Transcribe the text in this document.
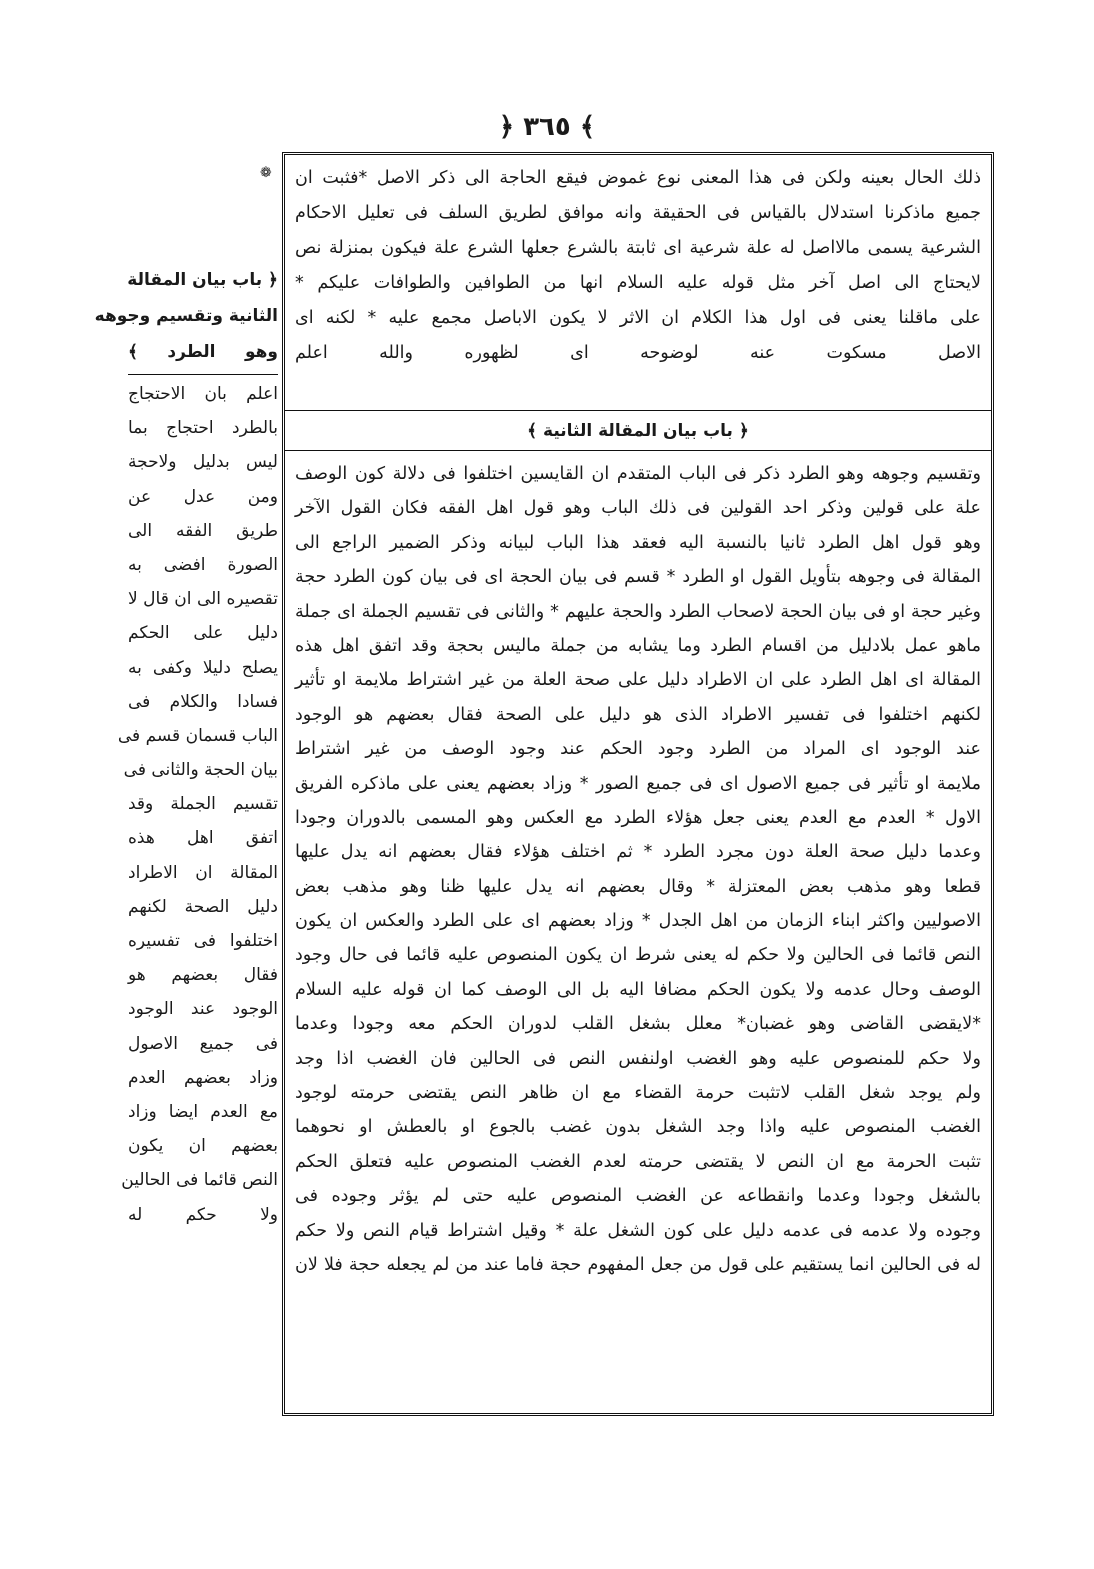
﴿ ٣٦٥ ﴾
❁ ذلك الحال بعينه ولكن فى هذا المعنى نوع غموض فيقع الحاجة الى ذكر الاصل *فثبت ان
جميع ماذكرنا استدلال بالقياس فى الحقيقة وانه موافق لطريق السلف فى تعليل الاحكام
الشرعية يسمى مالااصل له علة شرعية اى ثابتة بالشرع جعلها الشرع علة فيكون بمنزلة نص
لايحتاج الى اصل آخر مثل قوله عليه السلام انها من الطوافين والطوافات عليكم *
على ماقلنا يعنى فى اول هذا الكلام ان الاثر لا يكون الاباصل مجمع عليه * لكنه اى
الاصل مسكوت عنه لوضوحه اى لظهوره والله اعلم
﴿ باب بيان المقالة الثانية ﴾
وتقسيم وجوهه وهو الطرد ذكر فى الباب المتقدم ان القايسين اختلفوا فى دلالة كون الوصف
علة على قولين وذكر احد القولين فى ذلك الباب وهو قول اهل الفقه فكان القول الآخر
وهو قول اهل الطرد ثانيا بالنسبة اليه فعقد هذا الباب لبيانه وذكر الضمير الراجع الى
المقالة فى وجوهه بتأويل القول او الطرد * قسم فى بيان الحجة اى فى بيان كون الطرد حجة
وغير حجة او فى بيان الحجة لاصحاب الطرد والحجة عليهم * والثانى فى تقسيم الجملة اى جملة
ماهو عمل بلادليل من اقسام الطرد وما يشابه من جملة ماليس بحجة وقد اتفق اهل هذه
المقالة اى اهل الطرد على ان الاطراد دليل على صحة العلة من غير اشتراط ملايمة او تأثير
لكنهم اختلفوا فى تفسير الاطراد الذى هو دليل على الصحة فقال بعضهم هو الوجود
عند الوجود اى المراد من الطرد وجود الحكم عند وجود الوصف من غير اشتراط
ملايمة او تأثير فى جميع الاصول اى فى جميع الصور * وزاد بعضهم يعنى على ماذكره الفريق
الاول * العدم مع العدم يعنى جعل هؤلاء الطرد مع العكس وهو المسمى بالدوران وجودا
وعدما دليل صحة العلة دون مجرد الطرد * ثم اختلف هؤلاء فقال بعضهم انه يدل عليها
قطعا وهو مذهب بعض المعتزلة * وقال بعضهم انه يدل عليها ظنا وهو مذهب بعض
الاصوليين واكثر ابناء الزمان من اهل الجدل * وزاد بعضهم اى على الطرد والعكس ان يكون
النص قائما فى الحالين ولا حكم له يعنى شرط ان يكون المنصوص عليه قائما فى حال وجود
الوصف وحال عدمه ولا يكون الحكم مضافا اليه بل الى الوصف كما ان قوله عليه السلام
*لايقضى القاضى وهو غضبان* معلل بشغل القلب لدوران الحكم معه وجودا وعدما
ولا حكم للمنصوص عليه وهو الغضب اولنفس النص فى الحالين فان الغضب اذا وجد
ولم يوجد شغل القلب لاتثبت حرمة القضاء مع ان ظاهر النص يقتضى حرمته لوجود
الغضب المنصوص عليه واذا وجد الشغل بدون غضب بالجوع او بالعطش او نحوهما
تثبت الحرمة مع ان النص لا يقتضى حرمته لعدم الغضب المنصوص عليه فتعلق الحكم
بالشغل وجودا وعدما وانقطاعه عن الغضب المنصوص عليه حتى لم يؤثر وجوده فى
وجوده ولا عدمه فى عدمه دليل على كون الشغل علة * وقيل اشتراط قيام النص ولا حكم
له فى الحالين انما يستقيم على قول من جعل المفهوم حجة فاما عند من لم يجعله حجة فلا لان
﴿ باب بيان المقالة
الثانية وتقسيم وجوهه
وهو الطرد ﴾
اعلم بان الاحتجاج
بالطرد احتجاج بما
ليس بدليل ولاحجة
ومن عدل عن
طريق الفقه الى
الصورة افضى به
تقصيره الى ان قال لا
دليل على الحكم
يصلح دليلا وكفى به
فسادا والكلام فى
الباب قسمان قسم فى
بيان الحجة والثانى فى
تقسيم الجملة وقد
اتفق اهل هذه
المقالة ان الاطراد
دليل الصحة لكنهم
اختلفوا فى تفسيره
فقال بعضهم هو
الوجود عند الوجود
فى جميع الاصول
وزاد بعضهم العدم
مع العدم ايضا وزاد
بعضهم ان يكون
النص قائما فى الحالين
ولا حكم له
